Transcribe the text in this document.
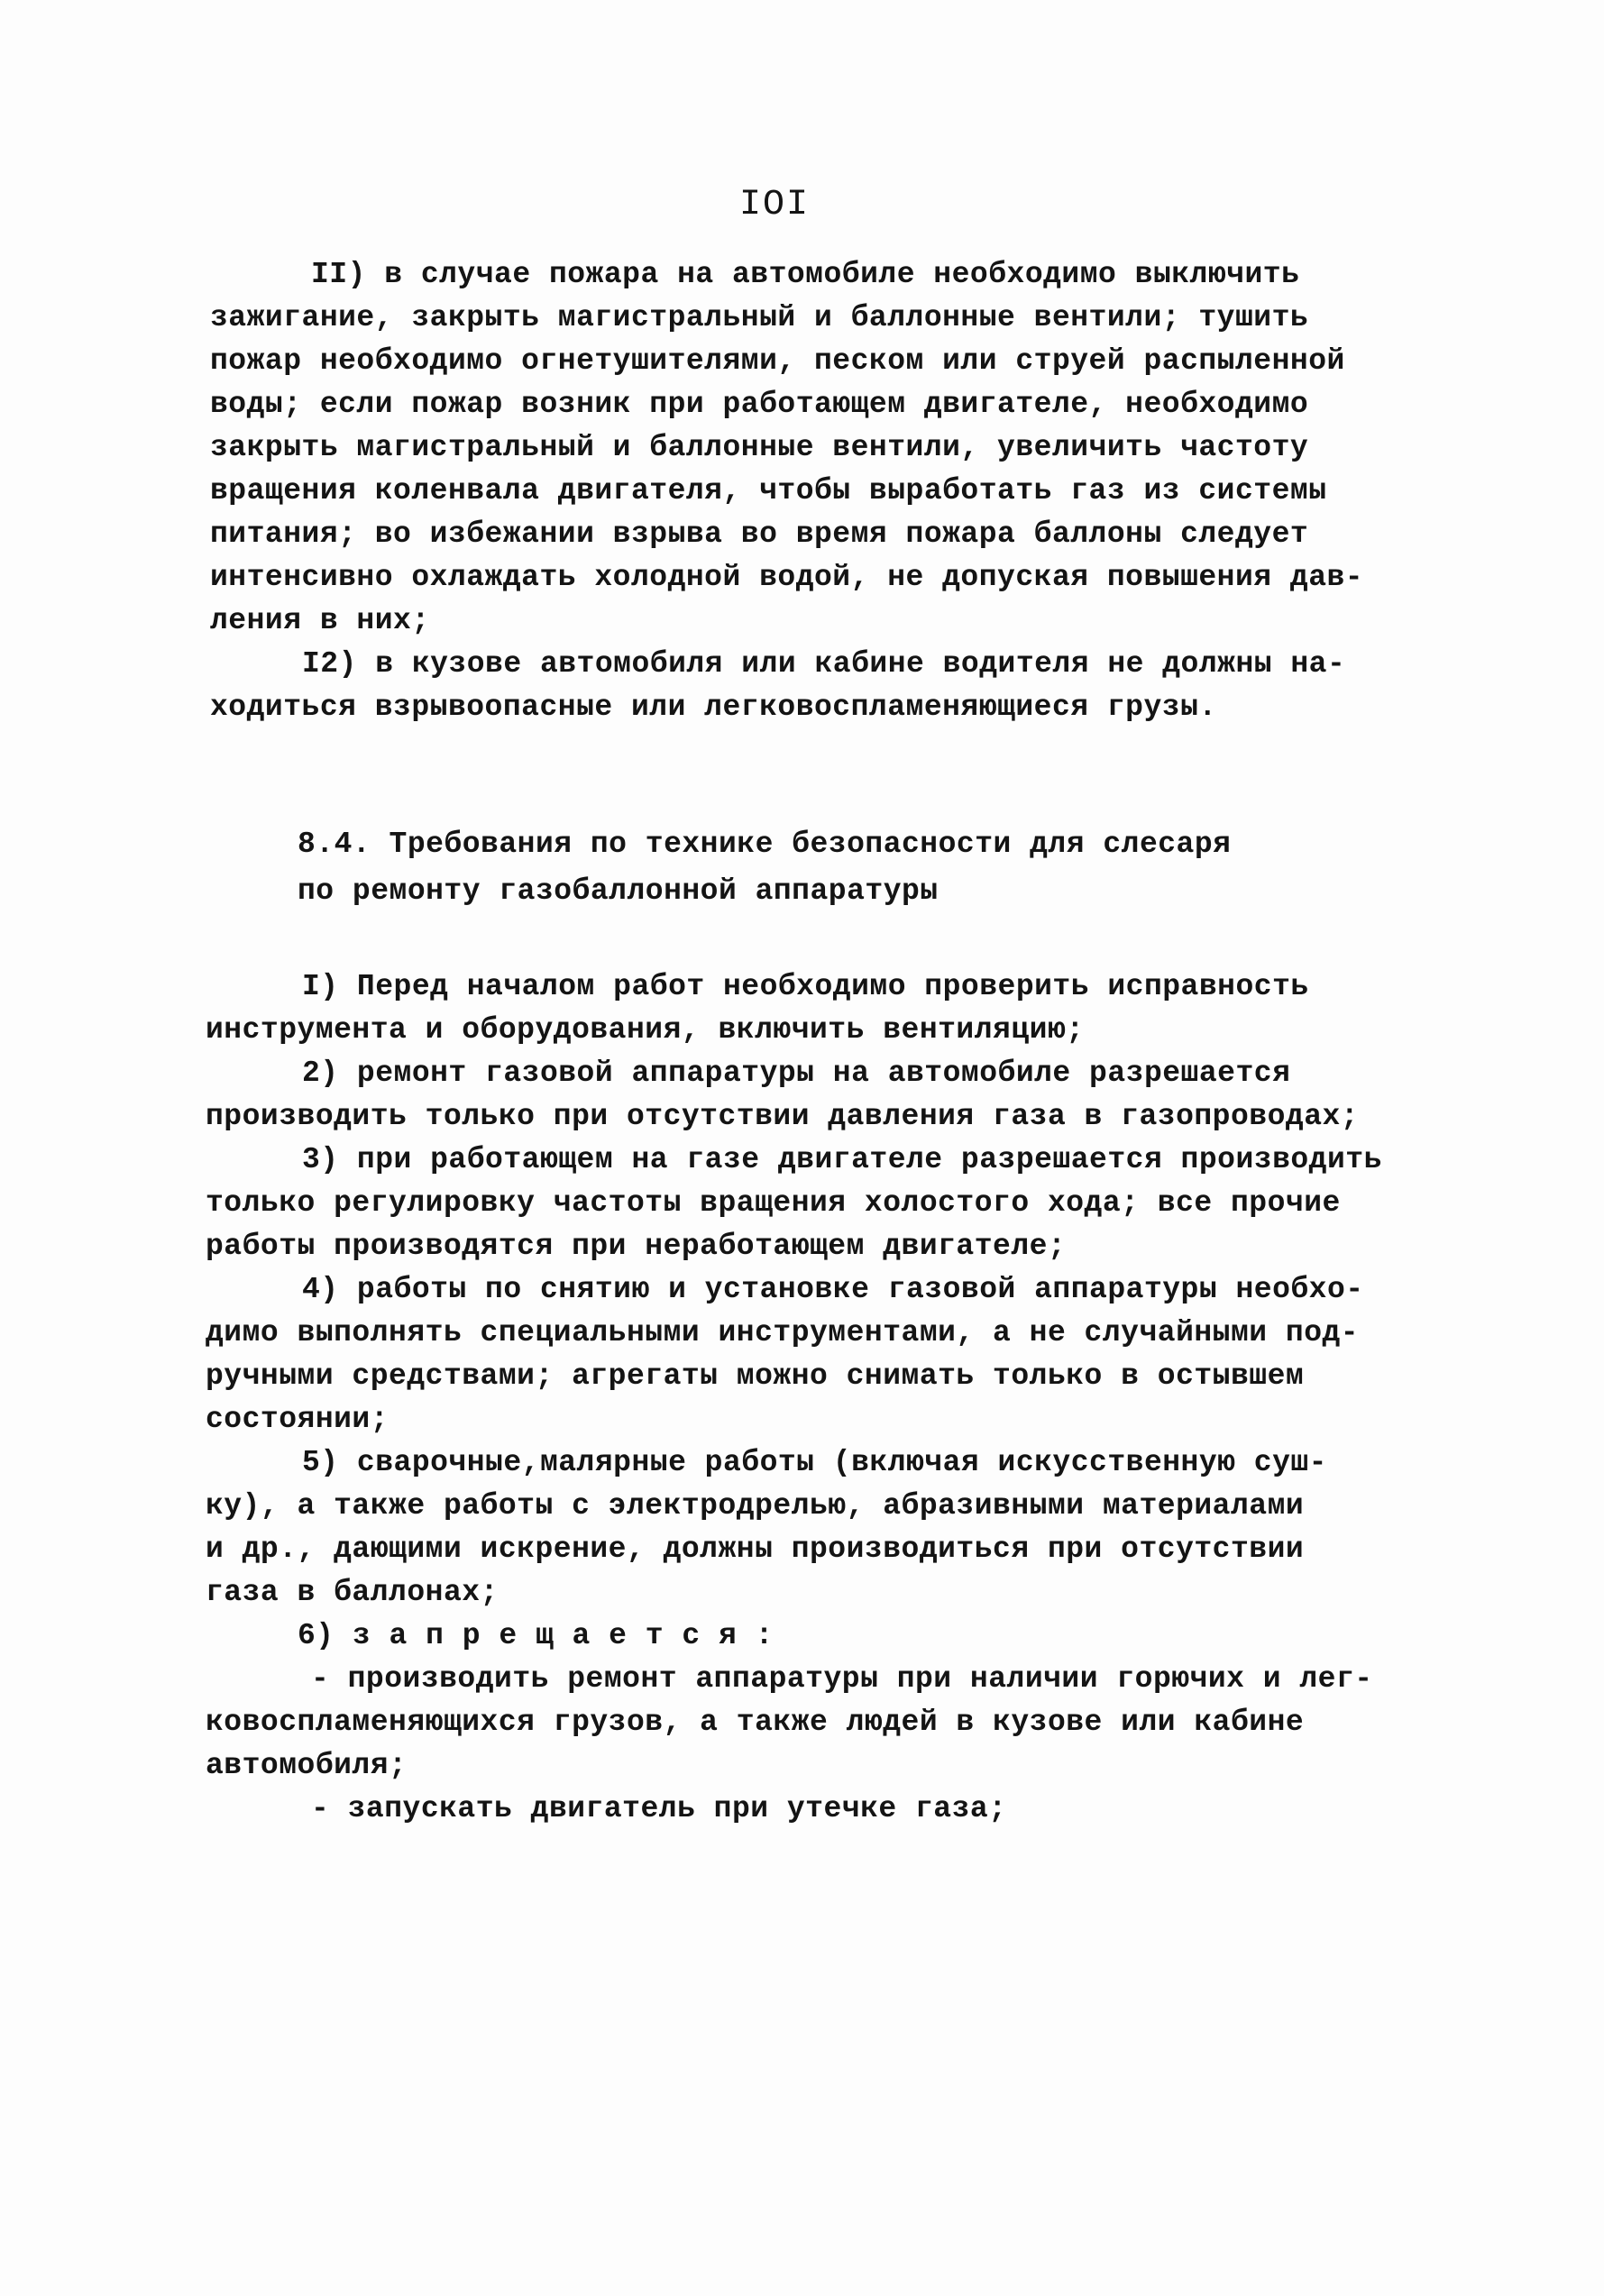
IOI
II) в случае пожара на автомобиле необходимо выключить
зажигание, закрыть магистральный и баллонные вентили; тушить
пожар необходимо огнетушителями, песком или струей распыленной
воды; если пожар возник при работающем двигателе, необходимо
закрыть магистральный и баллонные вентили, увеличить частоту
вращения коленвала двигателя, чтобы выработать газ из системы
питания; во избежании взрыва во время пожара баллоны следует
интенсивно охлаждать холодной водой, не допуская повышения дав-
ления в них;
I2) в кузове автомобиля или кабине водителя не должны на-
ходиться взрывоопасные или легковоспламеняющиеся грузы.
8.4. Требования по технике безопасности для слесаря
по ремонту газобаллонной аппаратуры
I) Перед началом работ необходимо проверить исправность
инструмента и оборудования, включить вентиляцию;
2) ремонт газовой аппаратуры на автомобиле разрешается
производить только при отсутствии давления газа в газопроводах;
3) при работающем на газе двигателе разрешается производить
только регулировку частоты вращения холостого хода; все прочие
работы производятся при неработающем двигателе;
4) работы по снятию и установке газовой аппаратуры необхо-
димо выполнять специальными инструментами, а не случайными под-
ручными средствами; агрегаты можно снимать только в остывшем
состоянии;
5) сварочные,малярные работы (включая искусственную суш-
ку), а также работы с электродрелью, абразивными материалами
и др., дающими искрение, должны производиться при отсутствии
газа в баллонах;
6) з а п р е щ а е т с я :
- производить ремонт аппаратуры при наличии горючих и лег-
ковоспламеняющихся грузов, а также людей в кузове или кабине
автомобиля;
- запускать двигатель при утечке газа;
